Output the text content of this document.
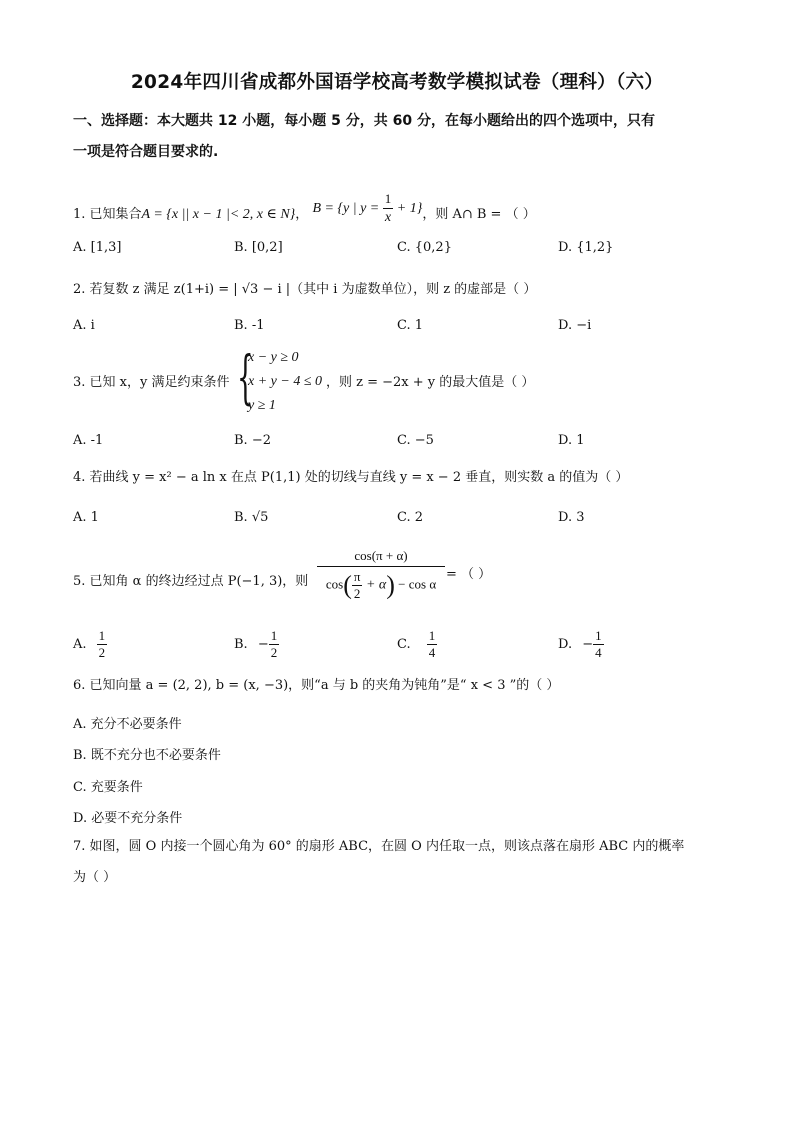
2024年四川省成都外国语学校高考数学模拟试卷（理科）（六）
一、选择题：本大题共 12 小题，每小题 5 分，共 60 分，在每小题给出的四个选项中，只有
一项是符合题目要求的.
1. 已知集合A = {x || x − 1 |< 2, x ∈ N}， B = {y | $y = \frac{1}{x} + 1$}，则 A∩ B = （ ）
A. [1,3]	B. [0,2]	C. {0,2}	D. {1,2}
2. 若复数 z 满足 z(1+i) = | √3 − i |（其中 i 为虚数单位），则 z 的虚部是（ ）
A. i	B. -1	C. 1	D. −i
3. 已知 x，y 满足约束条件 {
x − y ≥ 0
x + y − 4 ≤ 0
y ≥ 1
，则 z = −2x + y 的最大值是（ ）
A. -1	B. −2	C. −5	D. 1
4. 若曲线 y = x² − a ln x 在点 P(1,1) 处的切线与直线 y = x − 2 垂直，则实数 a 的值为（ ）
A. 1	B. √5	C. 2	D. 3
5. 已知角 α 的终边经过点 P(−1, 3)，则 $\frac{\cos(\pi + \alpha)}{\cos( \frac{\pi}{2} + \alpha) - \cos \alpha}$ = （ ）
A. $\frac{1}{2}$	B. − $\frac{1}{2}$	C. $\frac{1}{4}$	D. − $\frac{1}{4}$
6. 已知向量 a = (2, 2), b = (x, −3)，则“a 与 b 的夹角为钝角”是“ x < 3 ”的（ ）
A. 充分不必要条件
B. 既不充分也不必要条件
C. 充要条件
D. 必要不充分条件
7. 如图，圆 O 内接一个圆心角为 60° 的扇形 ABC，在圆 O 内任取一点，则该点落在扇形 ABC 内的概率
为（ ）
